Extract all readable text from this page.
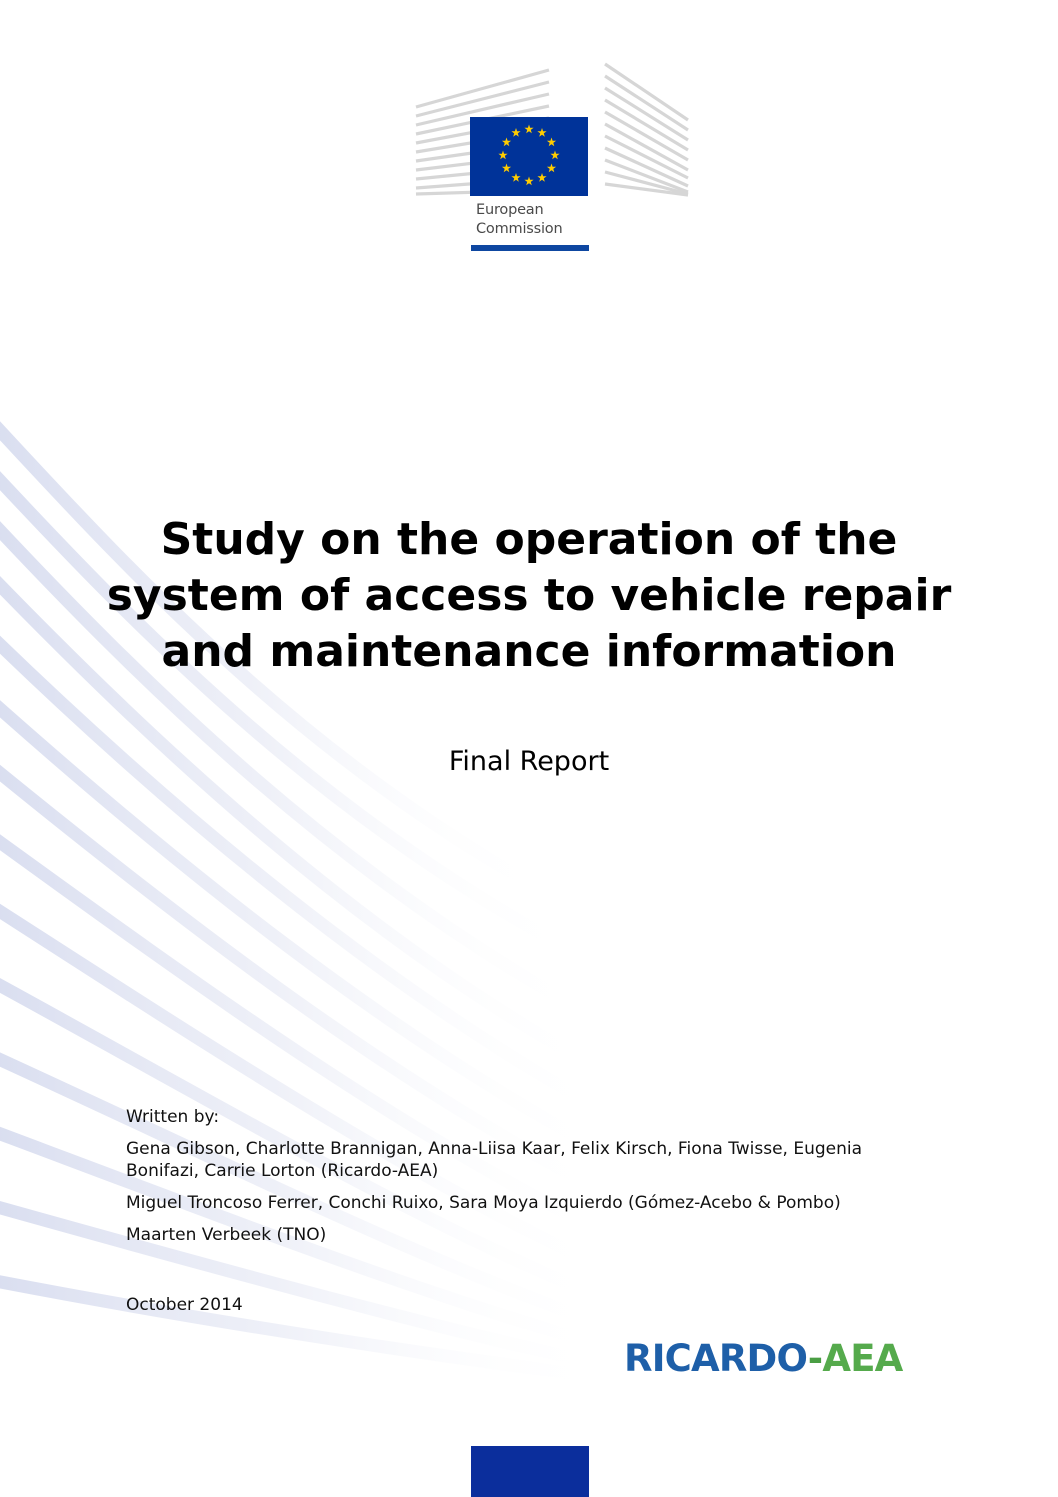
European
Commission
Study on the operation of the system of access to vehicle repair and maintenance information
Final Report

Written by:

Gena Gibson, Charlotte Brannigan, Anna-Liisa Kaar, Felix Kirsch, Fiona Twisse, Eugenia Bonifazi, Carrie Lorton (Ricardo-AEA)

Miguel Troncoso Ferrer, Conchi Ruixo, Sara Moya Izquierdo (Gómez-Acebo & Pombo)

Maarten Verbeek (TNO)

October 2014
RICARDO-AEA
